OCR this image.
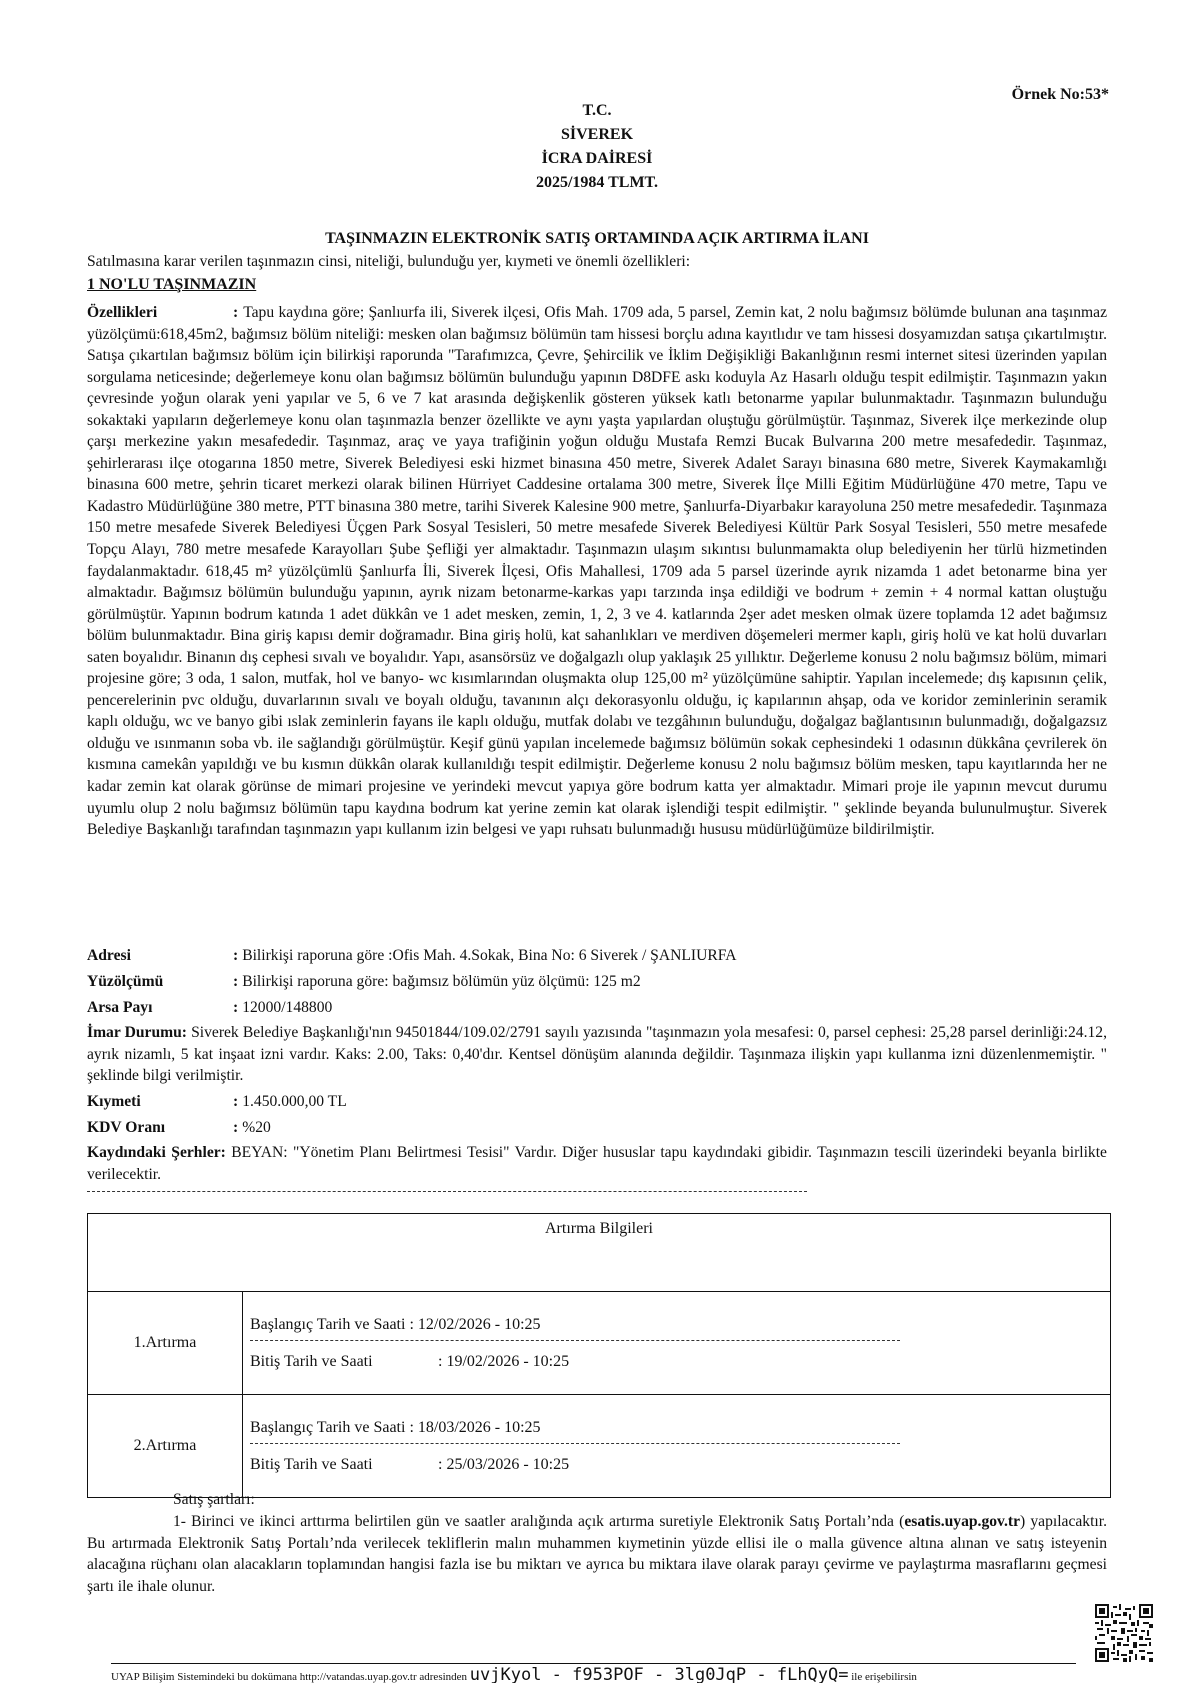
Örnek No:53*
T.C.
SİVEREK
İCRA DAİRESİ
2025/1984 TLMT.
TAŞINMAZIN ELEKTRONİK SATIŞ ORTAMINDA AÇIK ARTIRMA İLANI
Satılmasına karar verilen taşınmazın cinsi, niteliği, bulunduğu yer, kıymeti ve önemli özellikleri:
1 NO'LU TAŞINMAZIN
Özellikleri	: Tapu kaydına göre; Şanlıurfa ili, Siverek ilçesi, Ofis Mah. 1709 ada, 5 parsel, Zemin kat, 2 nolu bağımsız bölümde bulunan ana taşınmaz yüzölçümü:618,45m2, bağımsız bölüm niteliği: mesken olan bağımsız bölümün tam hissesi borçlu adına kayıtlıdır ve tam hissesi dosyamızdan satışa çıkartılmıştır. Satışa çıkartılan bağımsız bölüm için bilirkişi raporunda "Tarafımızca, Çevre, Şehircilik ve İklim Değişikliği Bakanlığının resmi internet sitesi üzerinden yapılan sorgulama neticesinde; değerlemeye konu olan bağımsız bölümün bulunduğu yapının D8DFE askı koduyla Az Hasarlı olduğu tespit edilmiştir. Taşınmazın yakın çevresinde yoğun olarak yeni yapılar ve 5, 6 ve 7 kat arasında değişkenlik gösteren yüksek katlı betonarme yapılar bulunmaktadır. Taşınmazın bulunduğu sokaktaki yapıların değerlemeye konu olan taşınmazla benzer özellikte ve aynı yaşta yapılardan oluştuğu görülmüştür. Taşınmaz, Siverek ilçe merkezinde olup çarşı merkezine yakın mesafededir. Taşınmaz, araç ve yaya trafiğinin yoğun olduğu Mustafa Remzi Bucak Bulvarına 200 metre mesafededir. Taşınmaz, şehirlerarası ilçe otogarına 1850 metre, Siverek Belediyesi eski hizmet binasına 450 metre, Siverek Adalet Sarayı binasına 680 metre, Siverek Kaymakamlığı binasına 600 metre, şehrin ticaret merkezi olarak bilinen Hürriyet Caddesine ortalama 300 metre, Siverek İlçe Milli Eğitim Müdürlüğüne 470 metre, Tapu ve Kadastro Müdürlüğüne 380 metre, PTT binasına 380 metre, tarihi Siverek Kalesine 900 metre, Şanlıurfa-Diyarbakır karayoluna 250 metre mesafededir. Taşınmaza 150 metre mesafede Siverek Belediyesi Üçgen Park Sosyal Tesisleri, 50 metre mesafede Siverek Belediyesi Kültür Park Sosyal Tesisleri, 550 metre mesafede Topçu Alayı, 780 metre mesafede Karayolları Şube Şefliği yer almaktadır. Taşınmazın ulaşım sıkıntısı bulunmamakta olup belediyenin her türlü hizmetinden faydalanmaktadır. 618,45 m² yüzölçümlü Şanlıurfa İli, Siverek İlçesi, Ofis Mahallesi, 1709 ada 5 parsel üzerinde ayrık nizamda 1 adet betonarme bina yer almaktadır. Bağımsız bölümün bulunduğu yapının, ayrık nizam betonarme-karkas yapı tarzında inşa edildiği ve bodrum + zemin + 4 normal kattan oluştuğu görülmüştür. Yapının bodrum katında 1 adet dükkân ve 1 adet mesken, zemin, 1, 2, 3 ve 4. katlarında 2şer adet mesken olmak üzere toplamda 12 adet bağımsız bölüm bulunmaktadır. Bina giriş kapısı demir doğramadır. Bina giriş holü, kat sahanlıkları ve merdiven döşemeleri mermer kaplı, giriş holü ve kat holü duvarları saten boyalıdır. Binanın dış cephesi sıvalı ve boyalıdır. Yapı, asansörsüz ve doğalgazlı olup yaklaşık 25 yıllıktır. Değerleme konusu 2 nolu bağımsız bölüm, mimari projesine göre; 3 oda, 1 salon, mutfak, hol ve banyo- wc kısımlarından oluşmakta olup 125,00 m² yüzölçümüne sahiptir. Yapılan incelemede; dış kapısının çelik, pencerelerinin pvc olduğu, duvarlarının sıvalı ve boyalı olduğu, tavanının alçı dekorasyonlu olduğu, iç kapılarının ahşap, oda ve koridor zeminlerinin seramik kaplı olduğu, wc ve banyo gibi ıslak zeminlerin fayans ile kaplı olduğu, mutfak dolabı ve tezgâhının bulunduğu, doğalgaz bağlantısının bulunmadığı, doğalgazsız olduğu ve ısınmanın soba vb. ile sağlandığı görülmüştür. Keşif günü yapılan incelemede bağımsız bölümün sokak cephesindeki 1 odasının dükkâna çevrilerek ön kısmına camekân yapıldığı ve bu kısmın dükkân olarak kullanıldığı tespit edilmiştir. Değerleme konusu 2 nolu bağımsız bölüm mesken, tapu kayıtlarında her ne kadar zemin kat olarak görünse de mimari projesine ve yerindeki mevcut yapıya göre bodrum katta yer almaktadır. Mimari proje ile yapının mevcut durumu uyumlu olup 2 nolu bağımsız bölümün tapu kaydına bodrum kat yerine zemin kat olarak işlendiği tespit edilmiştir. " şeklinde beyanda bulunulmuştur. Siverek Belediye Başkanlığı tarafından taşınmazın yapı kullanım izin belgesi ve yapı ruhsatı bulunmadığı hususu müdürlüğümüze bildirilmiştir.
Adresi	: Bilirkişi raporuna göre :Ofis Mah. 4.Sokak, Bina No: 6 Siverek / ŞANLIURFA
Yüzölçümü	: Bilirkişi raporuna göre: bağımsız bölümün yüz ölçümü: 125 m2
Arsa Payı	: 12000/148800
İmar Durumu: Siverek Belediye Başkanlığı'nın 94501844/109.02/2791 sayılı yazısında "taşınmazın yola mesafesi: 0, parsel cephesi: 25,28 parsel derinliği:24.12, ayrık nizamlı, 5 kat inşaat izni vardır. Kaks: 2.00, Taks: 0,40'dır. Kentsel dönüşüm alanında değildir. Taşınmaza ilişkin yapı kullanma izni düzenlenmemiştir. " şeklinde bilgi verilmiştir.
Kıymeti	: 1.450.000,00 TL
KDV Oranı	: %20
Kaydındaki Şerhler: BEYAN: "Yönetim Planı Belirtmesi Tesisi" Vardır. Diğer hususlar tapu kaydındaki gibidir. Taşınmazın tescili üzerindeki beyanla birlikte verilecektir.
Artırma Bilgileri	

1.Artırma	Başlangıç Tarih ve Saati : 12/02/2026 - 10:25
Bitiş Tarih ve Saati : 19/02/2026 - 10:25

2.Artırma	Başlangıç Tarih ve Saati : 18/03/2026 - 10:25
Bitiş Tarih ve Saati : 25/03/2026 - 10:25
Satış şartları:
1- Birinci ve ikinci arttırma belirtilen gün ve saatler aralığında açık artırma suretiyle Elektronik Satış Portalı’nda (esatis.uyap.gov.tr) yapılacaktır. Bu artırmada Elektronik Satış Portalı’nda verilecek tekliflerin malın muhammen kıymetinin yüzde ellisi ile o malla güvence altına alınan ve satış isteyenin alacağına rüçhanı olan alacakların toplamından hangisi fazla ise bu miktarı ve ayrıca bu miktara ilave olarak parayı çevirme ve paylaştırma masraflarını geçmesi şartı ile ihale olunur.
UYAP Bilişim Sistemindeki bu dokümana http://vatandas.uyap.gov.tr adresinden uvjKyol - f953POF - 3lg0JqP - fLhQyQ= ile erişebilirsin
